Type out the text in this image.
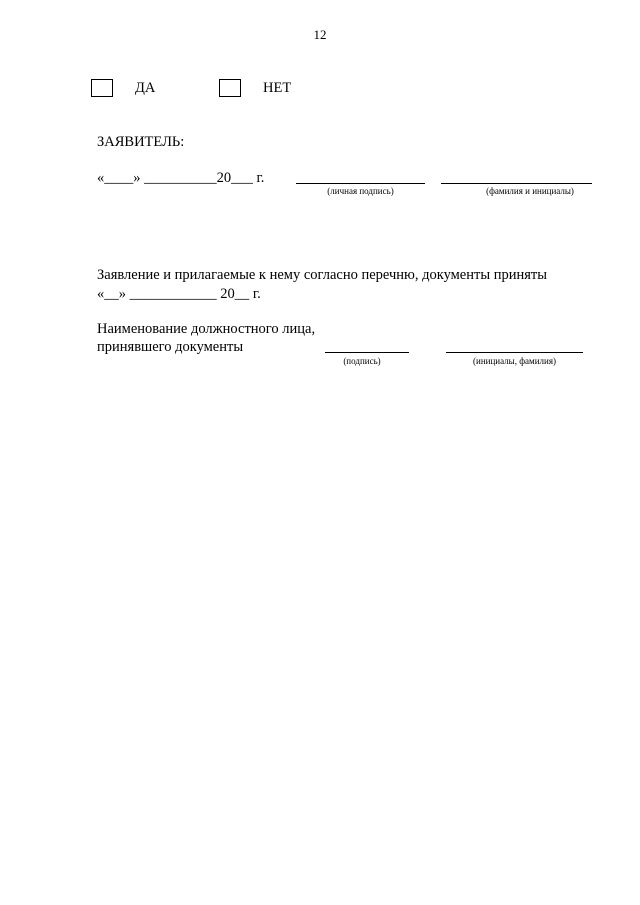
12
ДА	НЕТ
ЗАЯВИТЕЛЬ:
«____» __________20___ г.
(личная подпись)	(фамилия и инициалы)
Заявление и прилагаемые к нему согласно перечню, документы приняты
«__» ____________ 20__ г.
Наименование должностного лица,
принявшего документы
(подпись)	(инициалы, фамилия)
